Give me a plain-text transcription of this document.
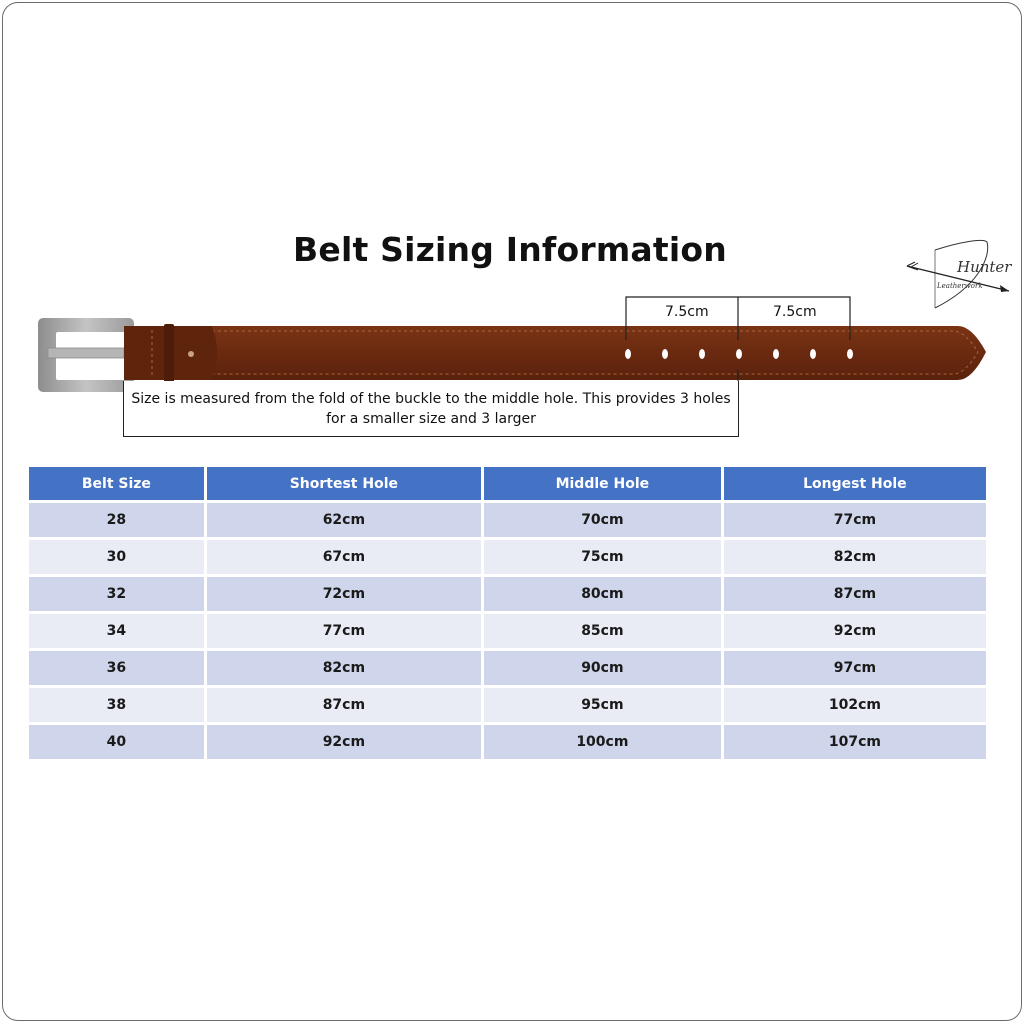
Belt Sizing Information	Hunter
Leatherwork
7.5cm	7.5cm
Size is measured from the fold of the buckle to the middle hole. This provides 3 holes
for a smaller size and 3 larger
Belt Size	Shortest Hole	Middle Hole	Longest Hole
28	62cm	70cm	77cm
30	67cm	75cm	82cm
32	72cm	80cm	87cm
34	77cm	85cm	92cm
36	82cm	90cm	97cm
38	87cm	95cm	102cm
40	92cm	100cm	107cm
